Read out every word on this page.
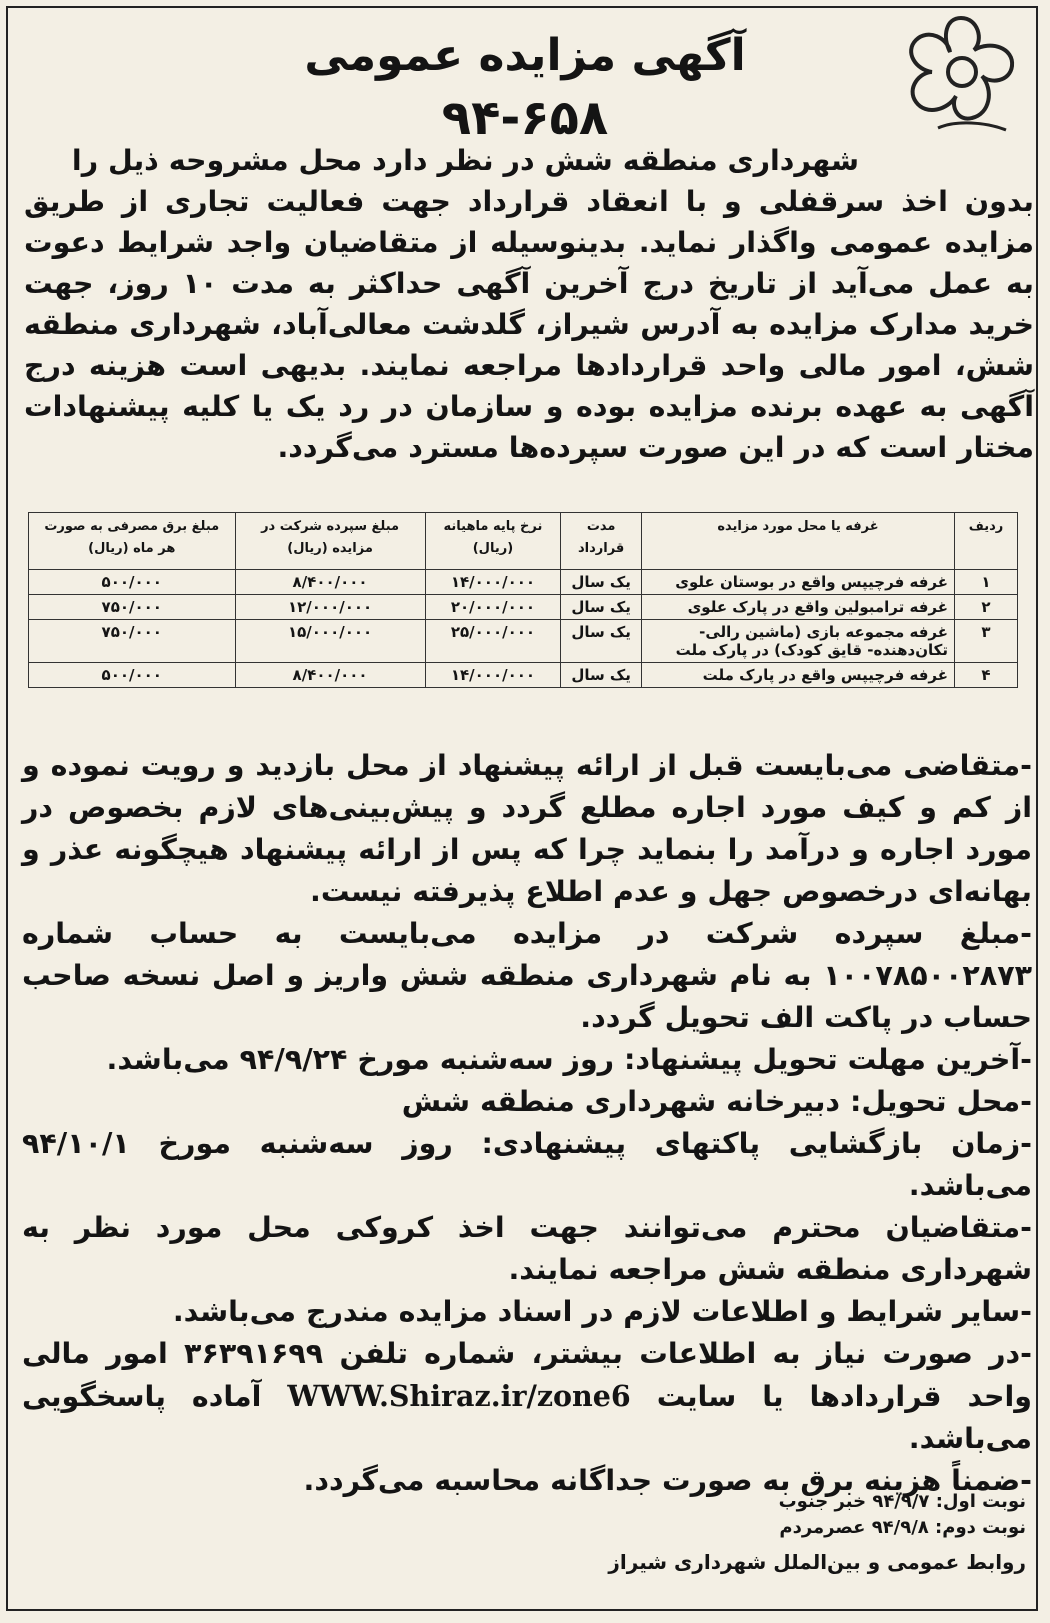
آگهی مزایده عمومی
۹۴-۶۵۸
شهرداری منطقه شش در نظر دارد محل مشروحه ذیل را
بدون اخذ سرقفلی و با انعقاد قرارداد جهت فعالیت تجاری از طریق مزایده عمومی واگذار نماید. بدینوسیله از متقاضیان واجد شرایط دعوت به عمل می‌آید از تاریخ درج آخرین آگهی حداکثر به مدت ۱۰ روز، جهت خرید مدارک مزایده به آدرس شیراز، گلدشت معالی‌آباد، شهرداری منطقه شش، امور مالی واحد قراردادها مراجعه نمایند. بدیهی است هزینه درج آگهی به عهده برنده مزایده بوده و سازمان در رد یک یا کلیه پیشنهادات مختار است که در این صورت سپرده‌ها مسترد می‌گردد.
ردیف	غرفه یا محل مورد مزایده	مدت قرارداد	نرخ پایه ماهیانه (ریال)	مبلغ سپرده شرکت در مزایده (ریال)	مبلغ برق مصرفی به صورت هر ماه (ریال)
۱	غرفه فرچیپس واقع در بوستان علوی	یک سال	۱۴/۰۰۰/۰۰۰	۸/۴۰۰/۰۰۰	۵۰۰/۰۰۰
۲	غرفه ترامبولین واقع در پارک علوی	یک سال	۲۰/۰۰۰/۰۰۰	۱۲/۰۰۰/۰۰۰	۷۵۰/۰۰۰
۳	غرفه مجموعه بازی (ماشین رالی- تکان‌دهنده- قایق کودک) در پارک ملت	یک سال	۲۵/۰۰۰/۰۰۰	۱۵/۰۰۰/۰۰۰	۷۵۰/۰۰۰
۴	غرفه فرچیپس واقع در پارک ملت	یک سال	۱۴/۰۰۰/۰۰۰	۸/۴۰۰/۰۰۰	۵۰۰/۰۰۰

-متقاضی می‌بایست قبل از ارائه پیشنهاد از محل بازدید و رویت نموده و از کم و کیف مورد اجاره مطلع گردد و پیش‌بینی‌های لازم بخصوص در مورد اجاره و درآمد را بنماید چرا که پس از ارائه پیشنهاد هیچگونه عذر و بهانه‌ای درخصوص جهل و عدم اطلاع پذیرفته نیست.

-مبلغ سپرده شرکت در مزایده می‌بایست به حساب شماره ۱۰۰۷۸۵۰۰۲۸۷۳ به نام شهرداری منطقه شش واریز و اصل نسخه صاحب حساب در پاکت الف تحویل گردد.

-آخرین مهلت تحویل پیشنهاد: روز سه‌شنبه مورخ ۹۴/۹/۲۴ می‌باشد.

-محل تحویل: دبیرخانه شهرداری منطقه شش

-زمان بازگشایی پاکتهای پیشنهادی: روز سه‌شنبه مورخ ۹۴/۱۰/۱ می‌باشد.

-متقاضیان محترم می‌توانند جهت اخذ کروکی محل مورد نظر به شهرداری منطقه شش مراجعه نمایند.

-سایر شرایط و اطلاعات لازم در اسناد مزایده مندرج می‌باشد.

-در صورت نیاز به اطلاعات بیشتر، شماره تلفن ۳۶۳۹۱۶۹۹ امور مالی واحد قراردادها یا سایت WWW.Shiraz.ir/zone6 آماده پاسخگویی می‌باشد.

-ضمناً هزینه برق به صورت جداگانه محاسبه می‌گردد.

نوبت اول: ۹۴/۹/۷ خبر جنوب
نوبت دوم: ۹۴/۹/۸ عصرمردم
روابط عمومی و بین‌الملل شهرداری شیراز
